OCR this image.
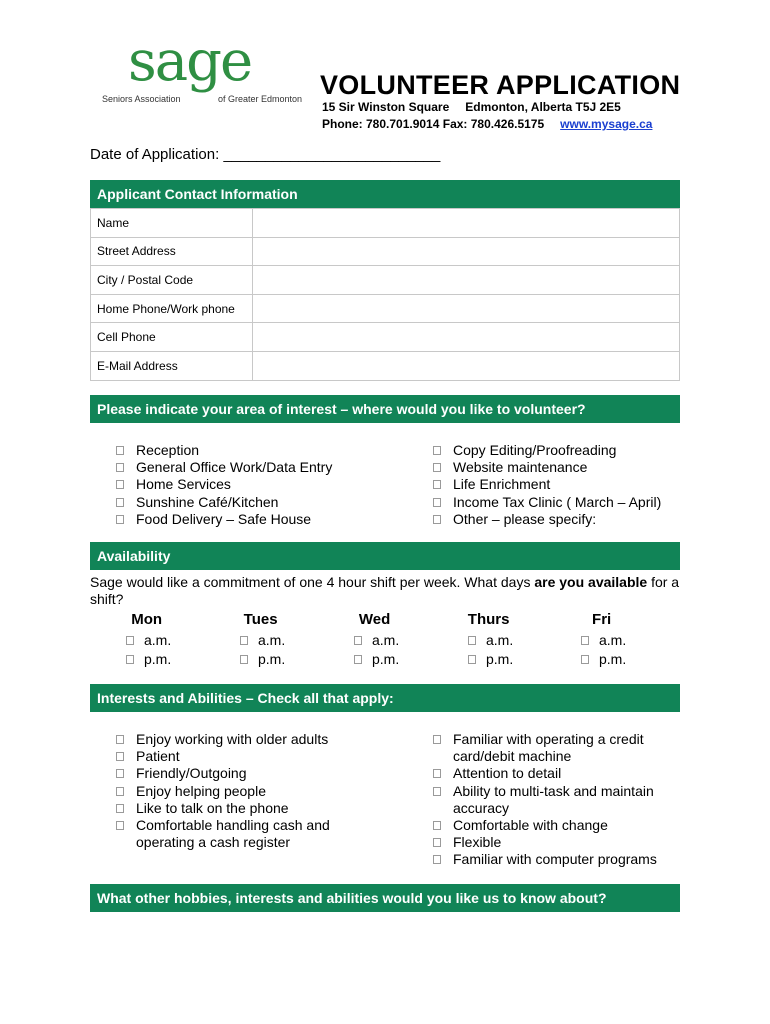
sage
Seniors Association	of Greater Edmonton VOLUNTEER APPLICATION
15 Sir Winston Square Edmonton, Alberta T5J 2E5
Phone: 780.701.9014 Fax: 780.426.5175 www.mysage.ca
Date of Application: __________________________
Applicant Contact Information
Name	
Street Address	
City / Postal Code	
Home Phone/Work phone	
Cell Phone	
E-Mail Address	
Please indicate your area of interest – where would you like to volunteer?
Reception
General Office Work/Data Entry
Home Services
Sunshine Café/Kitchen
Food Delivery – Safe House
Copy Editing/Proofreading
Website maintenance
Life Enrichment
Income Tax Clinic ( March – April)
Other – please specify:
Availability
Sage would like a commitment of one 4 hour shift per week. What days are you available for a shift?
Mon
a.m.
p.m.
Tues
a.m.
p.m.
Wed
a.m.
p.m.
Thurs
a.m.
p.m.
Fri
a.m.
p.m.
Interests and Abilities – Check all that apply:
Enjoy working with older adults
Patient
Friendly/Outgoing
Enjoy helping people
Like to talk on the phone
Comfortable handling cash and operating a cash register
Familiar with operating a credit card/debit machine
Attention to detail
Ability to multi-task and maintain accuracy
Comfortable with change
Flexible
Familiar with computer programs
What other hobbies, interests and abilities would you like us to know about?
